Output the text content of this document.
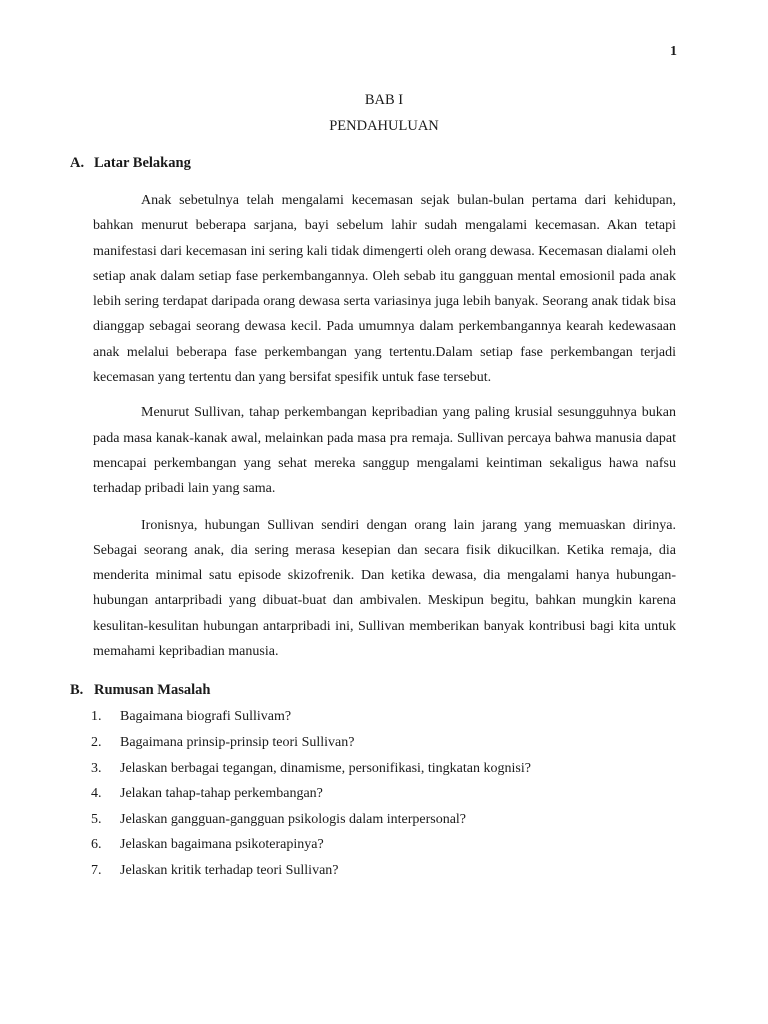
1
BAB I
PENDAHULUAN
A. Latar Belakang

Anak sebetulnya telah mengalami kecemasan sejak bulan-bulan pertama dari kehidupan, bahkan menurut beberapa sarjana, bayi sebelum lahir sudah mengalami kecemasan. Akan tetapi manifestasi dari kecemasan ini sering kali tidak dimengerti oleh orang dewasa. Kecemasan dialami oleh setiap anak dalam setiap fase perkembangannya. Oleh sebab itu gangguan mental emosionil pada anak lebih sering terdapat daripada orang dewasa serta variasinya juga lebih banyak. Seorang anak tidak bisa dianggap sebagai seorang dewasa kecil. Pada umumnya dalam perkembangannya kearah kedewasaan anak melalui beberapa fase perkembangan yang tertentu.Dalam setiap fase perkembangan terjadi kecemasan yang tertentu dan yang bersifat spesifik untuk fase tersebut.

Menurut Sullivan, tahap perkembangan kepribadian yang paling krusial sesungguhnya bukan pada masa kanak-kanak awal, melainkan pada masa pra remaja. Sullivan percaya bahwa manusia dapat mencapai perkembangan yang sehat mereka sanggup mengalami keintiman sekaligus hawa nafsu terhadap pribadi lain yang sama.

Ironisnya, hubungan Sullivan sendiri dengan orang lain jarang yang memuaskan dirinya. Sebagai seorang anak, dia sering merasa kesepian dan secara fisik dikucilkan. Ketika remaja, dia menderita minimal satu episode skizofrenik. Dan ketika dewasa, dia mengalami hanya hubungan-hubungan antarpribadi yang dibuat-buat dan ambivalen. Meskipun begitu, bahkan mungkin karena kesulitan-kesulitan hubungan antarpribadi ini, Sullivan memberikan banyak kontribusi bagi kita untuk memahami kepribadian manusia.

B. Rumusan Masalah
1. Bagaimana biografi Sullivam?
2. Bagaimana prinsip-prinsip teori Sullivan?
3. Jelaskan berbagai tegangan, dinamisme, personifikasi, tingkatan kognisi?
4. Jelakan tahap-tahap perkembangan?
5. Jelaskan gangguan-gangguan psikologis dalam interpersonal?
6. Jelaskan bagaimana psikoterapinya?
7. Jelaskan kritik terhadap teori Sullivan?
